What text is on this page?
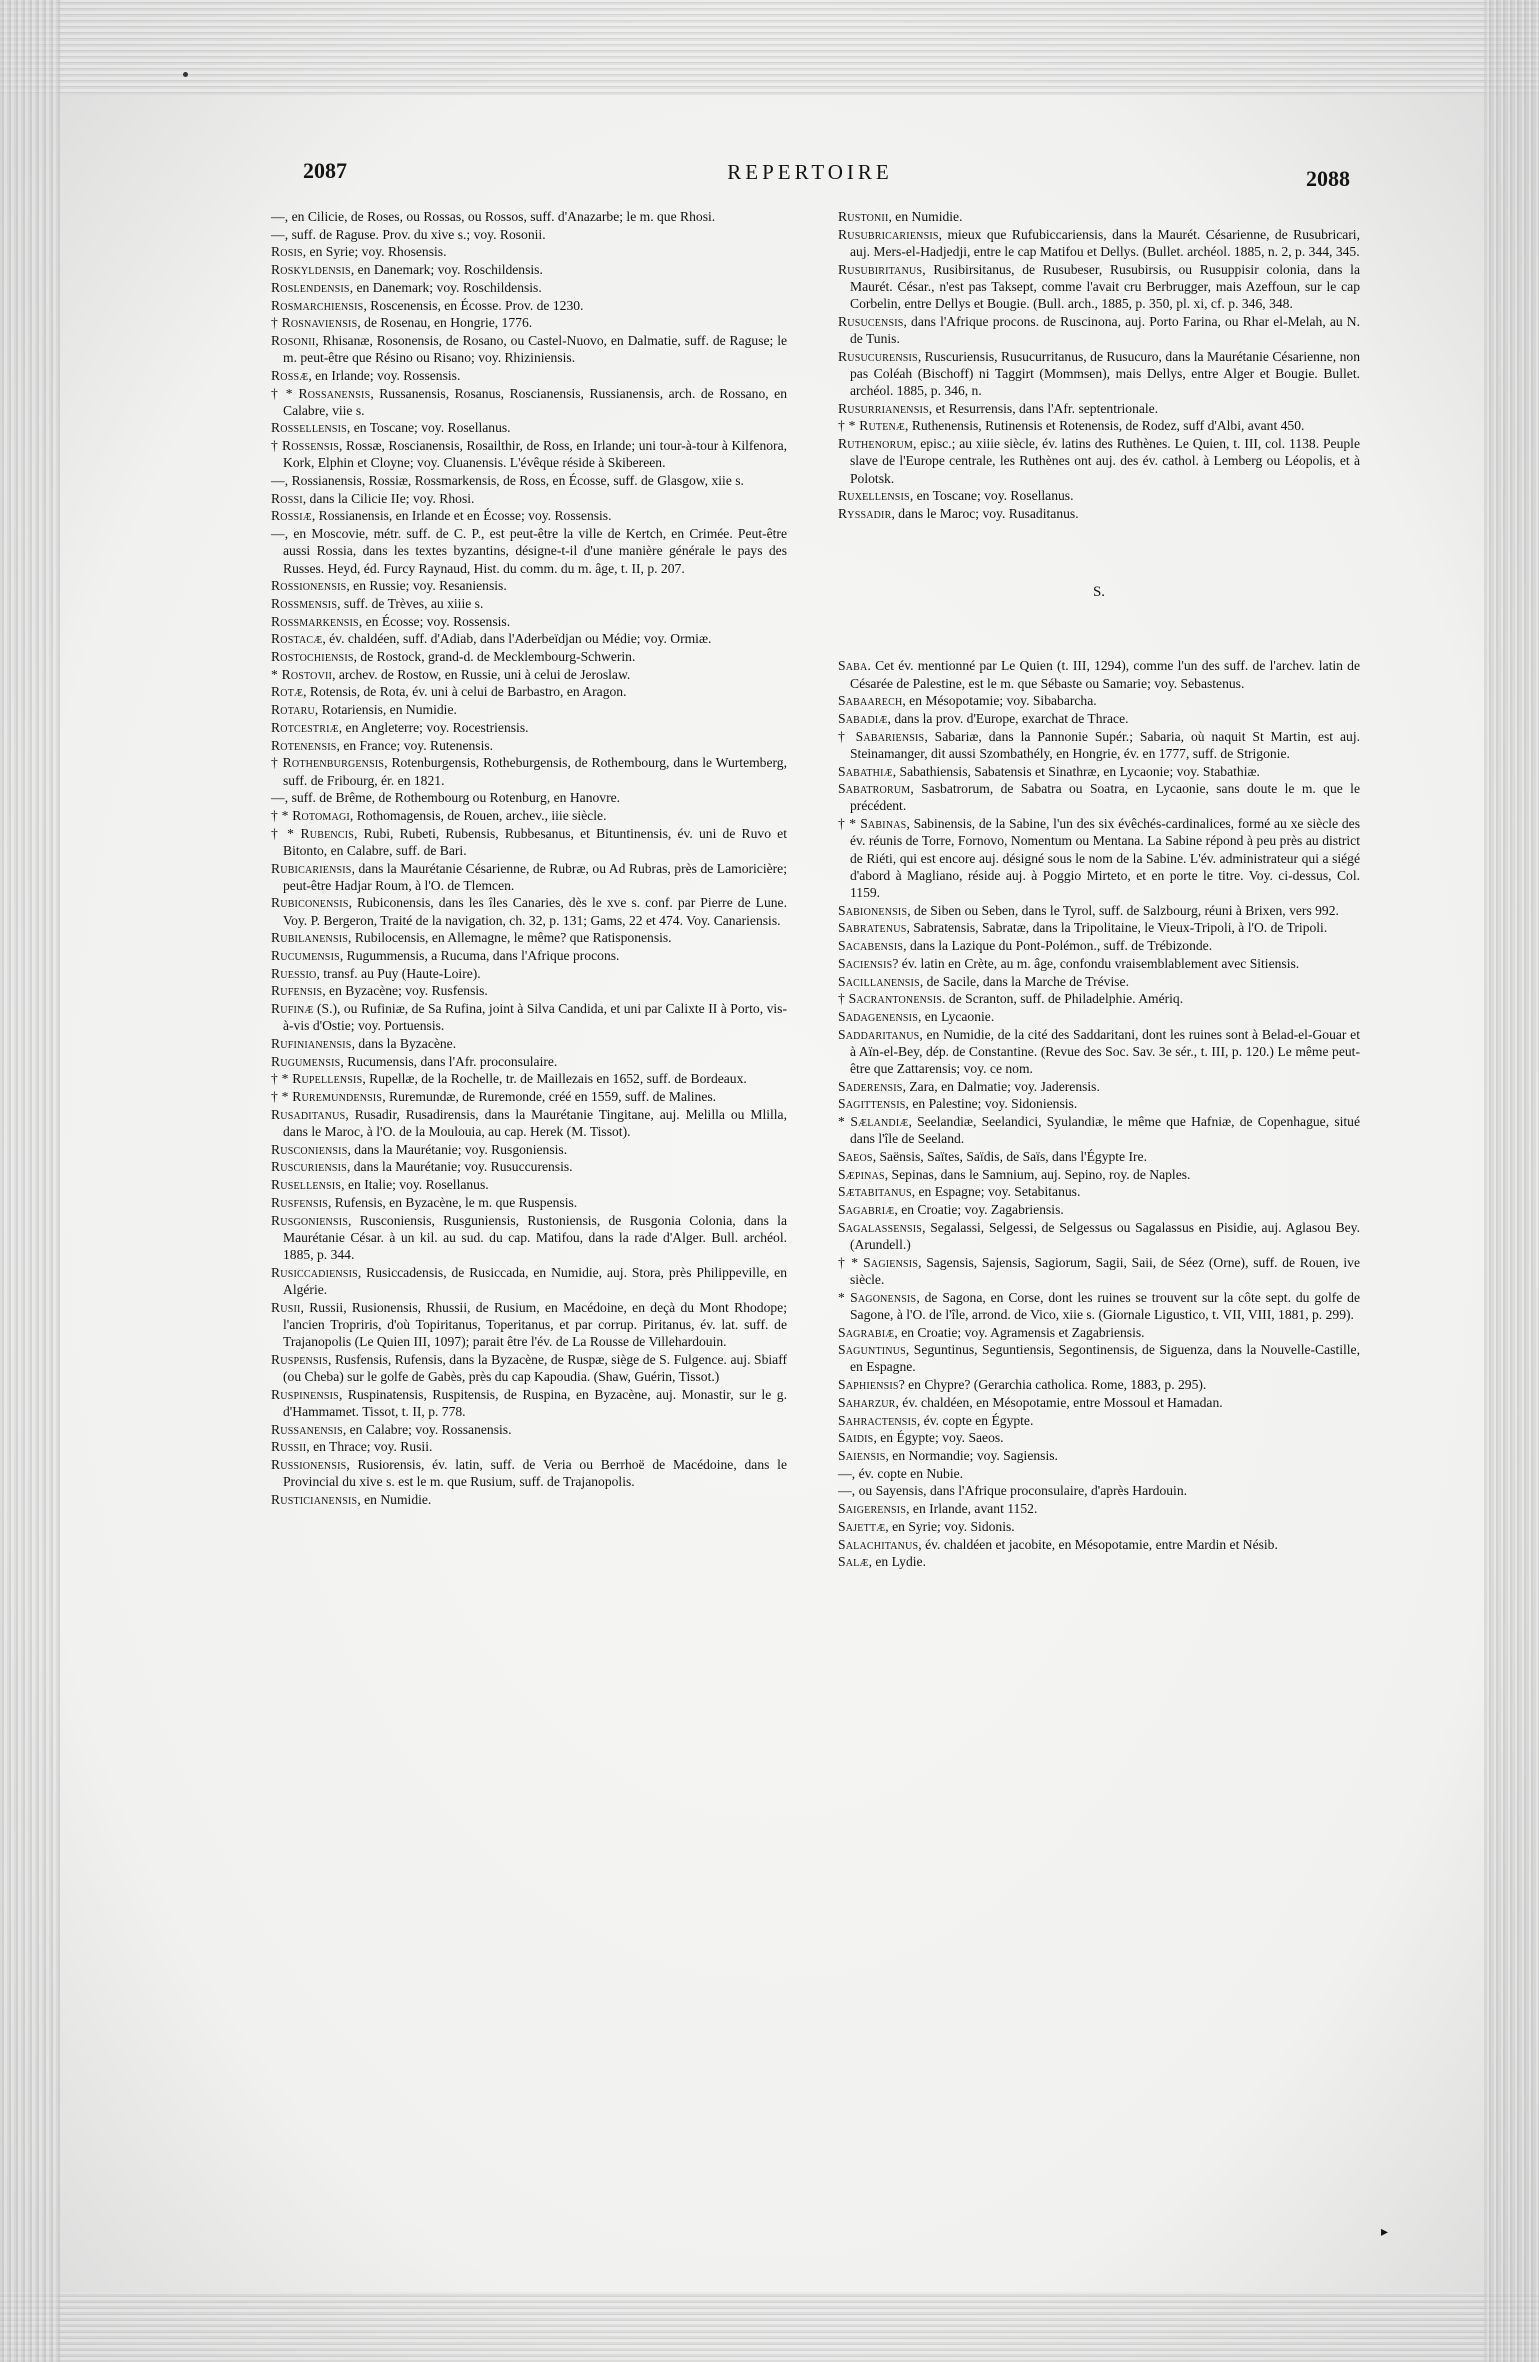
2087	REPERTOIRE	2088
—, en Cilicie, de Roses, ou Rossas, ou Rossos, suff. d'Anazarbe; le m. que Rhosi.
—, suff. de Raguse. Prov. du xive s.; voy. Rosonii.
Rosis, en Syrie; voy. Rhosensis.
Roskyldensis, en Danemark; voy. Roschildensis.
Roslendensis, en Danemark; voy. Roschildensis.
Rosmarchiensis, Roscenensis, en Écosse. Prov. de 1230.
† Rosnaviensis, de Rosenau, en Hongrie, 1776.
Rosonii, Rhisanæ, Rosonensis, de Rosano, ou Castel-Nuovo, en Dalmatie, suff. de Raguse; le m. peut-être que Résino ou Risano; voy. Rhiziniensis.
Rossæ, en Irlande; voy. Rossensis.
† * Rossanensis, Russanensis, Rosanus, Roscianensis, Russianensis, arch. de Rossano, en Calabre, viie s.
Rossellensis, en Toscane; voy. Rosellanus.
† Rossensis, Rossæ, Roscianensis, Rosailthir, de Ross, en Irlande; uni tour-à-tour à Kilfenora, Kork, Elphin et Cloyne; voy. Cluanensis. L'évêque réside à Skibereen.
—, Rossianensis, Rossiæ, Rossmarkensis, de Ross, en Écosse, suff. de Glasgow, xiie s.
Rossi, dans la Cilicie IIe; voy. Rhosi.
Rossiæ, Rossianensis, en Irlande et en Écosse; voy. Rossensis.
—, en Moscovie, métr. suff. de C. P., est peut-être la ville de Kertch, en Crimée. Peut-être aussi Rossia, dans les textes byzantins, désigne-t-il d'une manière générale le pays des Russes. Heyd, éd. Furcy Raynaud, Hist. du comm. du m. âge, t. II, p. 207.
Rossionensis, en Russie; voy. Resaniensis.
Rossmensis, suff. de Trèves, au xiiie s.
Rossmarkensis, en Écosse; voy. Rossensis.
Rostacæ, év. chaldéen, suff. d'Adiab, dans l'Aderbeïdjan ou Médie; voy. Ormiæ.
Rostochiensis, de Rostock, grand-d. de Mecklembourg-Schwerin.
* Rostovii, archev. de Rostow, en Russie, uni à celui de Jeroslaw.
Rotæ, Rotensis, de Rota, év. uni à celui de Barbastro, en Aragon.
Rotaru, Rotariensis, en Numidie.
Rotcestriæ, en Angleterre; voy. Rocestriensis.
Rotenensis, en France; voy. Rutenensis.
† Rothenburgensis, Rotenburgensis, Rotheburgensis, de Rothembourg, dans le Wurtemberg, suff. de Fribourg, ér. en 1821.
—, suff. de Brême, de Rothembourg ou Rotenburg, en Hanovre.
† * Rotomagi, Rothomagensis, de Rouen, archev., iiie siècle.
† * Rubencis, Rubi, Rubeti, Rubensis, Rubbesanus, et Bituntinensis, év. uni de Ruvo et Bitonto, en Calabre, suff. de Bari.
Rubicariensis, dans la Maurétanie Césarienne, de Rubræ, ou Ad Rubras, près de Lamoricière; peut-être Hadjar Roum, à l'O. de Tlemcen.
Rubiconensis, Rubiconensis, dans les îles Canaries, dès le xve s. conf. par Pierre de Lune. Voy. P. Bergeron, Traité de la navigation, ch. 32, p. 131; Gams, 22 et 474. Voy. Canariensis.
Rubilanensis, Rubilocensis, en Allemagne, le même? que Ratisponensis.
Rucumensis, Rugummensis, a Rucuma, dans l'Afrique procons.
Ruessio, transf. au Puy (Haute-Loire).
Rufensis, en Byzacène; voy. Rusfensis.
Rufinæ (S.), ou Rufiniæ, de Sa Rufina, joint à Silva Candida, et uni par Calixte II à Porto, vis-à-vis d'Ostie; voy. Portuensis.
Rufinianensis, dans la Byzacène.
Rugumensis, Rucumensis, dans l'Afr. proconsulaire.
† * Rupellensis, Rupellæ, de la Rochelle, tr. de Maillezais en 1652, suff. de Bordeaux.
† * Ruremundensis, Ruremundæ, de Ruremonde, créé en 1559, suff. de Malines.
Rusaditanus, Rusadir, Rusadirensis, dans la Maurétanie Tingitane, auj. Melilla ou Mlilla, dans le Maroc, à l'O. de la Moulouia, au cap. Herek (M. Tissot).
Rusconiensis, dans la Maurétanie; voy. Rusgoniensis.
Ruscuriensis, dans la Maurétanie; voy. Rusuccurensis.
Rusellensis, en Italie; voy. Rosellanus.
Rusfensis, Rufensis, en Byzacène, le m. que Ruspensis.
Rusgoniensis, Rusconiensis, Rusguniensis, Rustoniensis, de Rusgonia Colonia, dans la Maurétanie César. à un kil. au sud. du cap. Matifou, dans la rade d'Alger. Bull. archéol. 1885, p. 344.
Rusiccadiensis, Rusiccadensis, de Rusiccada, en Numidie, auj. Stora, près Philippeville, en Algérie.
Rusii, Russii, Rusionensis, Rhussii, de Rusium, en Macédoine, en deçà du Mont Rhodope; l'ancien Tropriris, d'où Topiritanus, Toperitanus, et par corrup. Piritanus, év. lat. suff. de Trajanopolis (Le Quien III, 1097); parait être l'év. de La Rousse de Villehardouin.
Ruspensis, Rusfensis, Rufensis, dans la Byzacène, de Ruspæ, siège de S. Fulgence. auj. Sbiaff (ou Cheba) sur le golfe de Gabès, près du cap Kapoudia. (Shaw, Guérin, Tissot.)
Ruspinensis, Ruspinatensis, Ruspitensis, de Ruspina, en Byzacène, auj. Monastir, sur le g. d'Hammamet. Tissot, t. II, p. 778.
Russanensis, en Calabre; voy. Rossanensis.
Russii, en Thrace; voy. Rusii.
Russionensis, Rusiorensis, év. latin, suff. de Veria ou Berrhoë de Macédoine, dans le Provincial du xive s. est le m. que Rusium, suff. de Trajanopolis.
Rusticianensis, en Numidie.
Rustonii, en Numidie.
Rusubricariensis, mieux que Rufubiccariensis, dans la Maurét. Césarienne, de Rusubricari, auj. Mers-el-Hadjedji, entre le cap Matifou et Dellys. (Bullet. archéol. 1885, n. 2, p. 344, 345.
Rusubiritanus, Rusibirsitanus, de Rusubeser, Rusubirsis, ou Rusuppisir colonia, dans la Maurét. César., n'est pas Taksept, comme l'avait cru Berbrugger, mais Azeffoun, sur le cap Corbelin, entre Dellys et Bougie. (Bull. arch., 1885, p. 350, pl. xi, cf. p. 346, 348.
Rusucensis, dans l'Afrique procons. de Ruscinona, auj. Porto Farina, ou Rhar el-Melah, au N. de Tunis.
Rusucurensis, Ruscuriensis, Rusucurritanus, de Rusucuro, dans la Maurétanie Césarienne, non pas Coléah (Bischoff) ni Taggirt (Mommsen), mais Dellys, entre Alger et Bougie. Bullet. archéol. 1885, p. 346, n.
Rusurrianensis, et Resurrensis, dans l'Afr. septentrionale.
† * Rutenæ, Ruthenensis, Rutinensis et Rotenensis, de Rodez, suff d'Albi, avant 450.
Ruthenorum, episc.; au xiiie siècle, év. latins des Ruthènes. Le Quien, t. III, col. 1138. Peuple slave de l'Europe centrale, les Ruthènes ont auj. des év. cathol. à Lemberg ou Léopolis, et à Polotsk.
Ruxellensis, en Toscane; voy. Rosellanus.
Ryssadir, dans le Maroc; voy. Rusaditanus.
S.
Saba. Cet év. mentionné par Le Quien (t. III, 1294), comme l'un des suff. de l'archev. latin de Césarée de Palestine, est le m. que Sébaste ou Samarie; voy. Sebastenus.
Sabaarech, en Mésopotamie; voy. Sibabarcha.
Sabadiæ, dans la prov. d'Europe, exarchat de Thrace.
† Sabariensis, Sabariæ, dans la Pannonie Supér.; Sabaria, où naquit St Martin, est auj. Steinamanger, dit aussi Szombathély, en Hongrie, év. en 1777, suff. de Strigonie.
Sabathiæ, Sabathiensis, Sabatensis et Sinathræ, en Lycaonie; voy. Stabathiæ.
Sabatrorum, Sasbatrorum, de Sabatra ou Soatra, en Lycaonie, sans doute le m. que le précédent.
† * Sabinas, Sabinensis, de la Sabine, l'un des six évêchés-cardinalices, formé au xe siècle des év. réunis de Torre, Fornovo, Nomentum ou Mentana. La Sabine répond à peu près au district de Riéti, qui est encore auj. désigné sous le nom de la Sabine. L'év. administrateur qui a siégé d'abord à Magliano, réside auj. à Poggio Mirteto, et en porte le titre. Voy. ci-dessus, Col. 1159.
Sabionensis, de Siben ou Seben, dans le Tyrol, suff. de Salzbourg, réuni à Brixen, vers 992.
Sabratenus, Sabratensis, Sabratæ, dans la Tripolitaine, le Vieux-Tripoli, à l'O. de Tripoli.
Sacabensis, dans la Lazique du Pont-Polémon., suff. de Trébizonde.
Saciensis? év. latin en Crète, au m. âge, confondu vraisemblablement avec Sitiensis.
Sacillanensis, de Sacile, dans la Marche de Trévise.
† Sacrantonensis. de Scranton, suff. de Philadelphie. Amériq.
Sadagenensis, en Lycaonie.
Saddaritanus, en Numidie, de la cité des Saddaritani, dont les ruines sont à Belad-el-Gouar et à Aïn-el-Bey, dép. de Constantine. (Revue des Soc. Sav. 3e sér., t. III, p. 120.) Le même peut-être que Zattarensis; voy. ce nom.
Saderensis, Zara, en Dalmatie; voy. Jaderensis.
Sagittensis, en Palestine; voy. Sidoniensis.
* Sælandiæ, Seelandiæ, Seelandici, Syulandiæ, le même que Hafniæ, de Copenhague, situé dans l'île de Seeland.
Saeos, Saënsis, Saïtes, Saïdis, de Saïs, dans l'Égypte Ire.
Sæpinas, Sepinas, dans le Samnium, auj. Sepino, roy. de Naples.
Sætabitanus, en Espagne; voy. Setabitanus.
Sagabriæ, en Croatie; voy. Zagabriensis.
Sagalassensis, Segalassi, Selgessi, de Selgessus ou Sagalassus en Pisidie, auj. Aglasou Bey. (Arundell.)
† * Sagiensis, Sagensis, Sajensis, Sagiorum, Sagii, Saii, de Séez (Orne), suff. de Rouen, ive siècle.
* Sagonensis, de Sagona, en Corse, dont les ruines se trouvent sur la côte sept. du golfe de Sagone, à l'O. de l'île, arrond. de Vico, xiie s. (Giornale Ligustico, t. VII, VIII, 1881, p. 299).
Sagrabiæ, en Croatie; voy. Agramensis et Zagabriensis.
Saguntinus, Seguntinus, Seguntiensis, Segontinensis, de Siguenza, dans la Nouvelle-Castille, en Espagne.
Saphiensis? en Chypre? (Gerarchia catholica. Rome, 1883, p. 295).
Saharzur, év. chaldéen, en Mésopotamie, entre Mossoul et Hamadan.
Sahractensis, év. copte en Égypte.
Saidis, en Égypte; voy. Saeos.
Saiensis, en Normandie; voy. Sagiensis.
—, év. copte en Nubie.
—, ou Sayensis, dans l'Afrique proconsulaire, d'après Hardouin.
Saigerensis, en Irlande, avant 1152.
Sajettæ, en Syrie; voy. Sidonis.
Salachitanus, év. chaldéen et jacobite, en Mésopotamie, entre Mardin et Nésib.
Salæ, en Lydie.
▸
